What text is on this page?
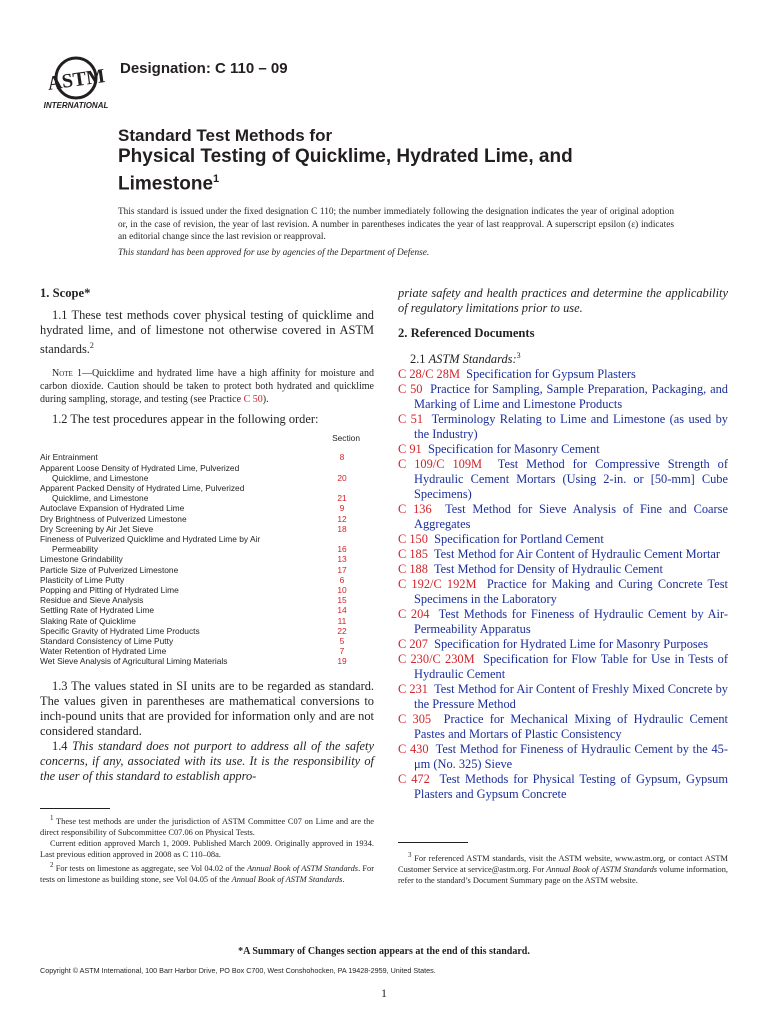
ASTM
INTERNATIONAL
Designation: C 110 – 09
Standard Test Methods for
Physical Testing of Quicklime, Hydrated Lime, and
Limestone$^1$
This standard is issued under the fixed designation C 110; the number immediately following the designation indicates the year of original adoption or, in the case of revision, the year of last revision. A number in parentheses indicates the year of last reapproval. A superscript epsilon (ε) indicates an editorial change since the last revision or reapproval.
This standard has been approved for use by agencies of the Department of Defense.
1. Scope*
1.1 These test methods cover physical testing of quicklime and hydrated lime, and of limestone not otherwise covered in ASTM standards.$^2$
Note 1—Quicklime and hydrated lime have a high affinity for moisture and carbon dioxide. Caution should be taken to protect both hydrated and quicklime during sampling, storage, and testing (see Practice C 50).
1.2 The test procedures appear in the following order:
Section
Air Entrainment	8
Apparent Loose Density of Hydrated Lime, Pulverized
Quicklime, and Limestone	20
Apparent Packed Density of Hydrated Lime, Pulverized
Quicklime, and Limestone	21
Autoclave Expansion of Hydrated Lime	9
Dry Brightness of Pulverized Limestone	12
Dry Screening by Air Jet Sieve	18
Fineness of Pulverized Quicklime and Hydrated Lime by Air
Permeability	16
Limestone Grindability	13
Particle Size of Pulverized Limestone	17
Plasticity of Lime Putty	6
Popping and Pitting of Hydrated Lime	10
Residue and Sieve Analysis	15
Settling Rate of Hydrated Lime	14
Slaking Rate of Quicklime	11
Specific Gravity of Hydrated Lime Products	22
Standard Consistency of Lime Putty	5
Water Retention of Hydrated Lime	7
Wet Sieve Analysis of Agricultural Liming Materials	19
1.3 The values stated in SI units are to be regarded as standard. The values given in parentheses are mathematical conversions to inch-pound units that are provided for information only and are not considered standard.
1.4 This standard does not purport to address all of the safety concerns, if any, associated with its use. It is the responsibility of the user of this standard to establish appro-
priate safety and health practices and determine the applicability of regulatory limitations prior to use.
2. Referenced Documents
2.1 ASTM Standards:$^3$
C 28/C 28M Specification for Gypsum Plasters
C 50 Practice for Sampling, Sample Preparation, Packaging, and Marking of Lime and Limestone Products
C 51 Terminology Relating to Lime and Limestone (as used by the Industry)
C 91 Specification for Masonry Cement
C 109/C 109M Test Method for Compressive Strength of Hydraulic Cement Mortars (Using 2-in. or [50-mm] Cube Specimens)
C 136 Test Method for Sieve Analysis of Fine and Coarse Aggregates
C 150 Specification for Portland Cement
C 185 Test Method for Air Content of Hydraulic Cement Mortar
C 188 Test Method for Density of Hydraulic Cement
C 192/C 192M Practice for Making and Curing Concrete Test Specimens in the Laboratory
C 204 Test Methods for Fineness of Hydraulic Cement by Air-Permeability Apparatus
C 207 Specification for Hydrated Lime for Masonry Purposes
C 230/C 230M Specification for Flow Table for Use in Tests of Hydraulic Cement
C 231 Test Method for Air Content of Freshly Mixed Concrete by the Pressure Method
C 305 Practice for Mechanical Mixing of Hydraulic Cement Pastes and Mortars of Plastic Consistency
C 430 Test Method for Fineness of Hydraulic Cement by the 45-μm (No. 325) Sieve
C 472 Test Methods for Physical Testing of Gypsum, Gypsum Plasters and Gypsum Concrete
$^1$ These test methods are under the jurisdiction of ASTM Committee C07 on Lime and are the direct responsibility of Subcommittee C07.06 on Physical Tests.
Current edition approved March 1, 2009. Published March 2009. Originally approved in 1934. Last previous edition approved in 2008 as C 110–08a.
$^2$ For tests on limestone as aggregate, see Vol 04.02 of the Annual Book of ASTM Standards. For tests on limestone as building stone, see Vol 04.05 of the Annual Book of ASTM Standards.
$^3$ For referenced ASTM standards, visit the ASTM website, www.astm.org, or contact ASTM Customer Service at service@astm.org. For Annual Book of ASTM Standards volume information, refer to the standard’s Document Summary page on the ASTM website.
*A Summary of Changes section appears at the end of this standard.
Copyright © ASTM International, 100 Barr Harbor Drive, PO Box C700, West Conshohocken, PA 19428-2959, United States.
1
